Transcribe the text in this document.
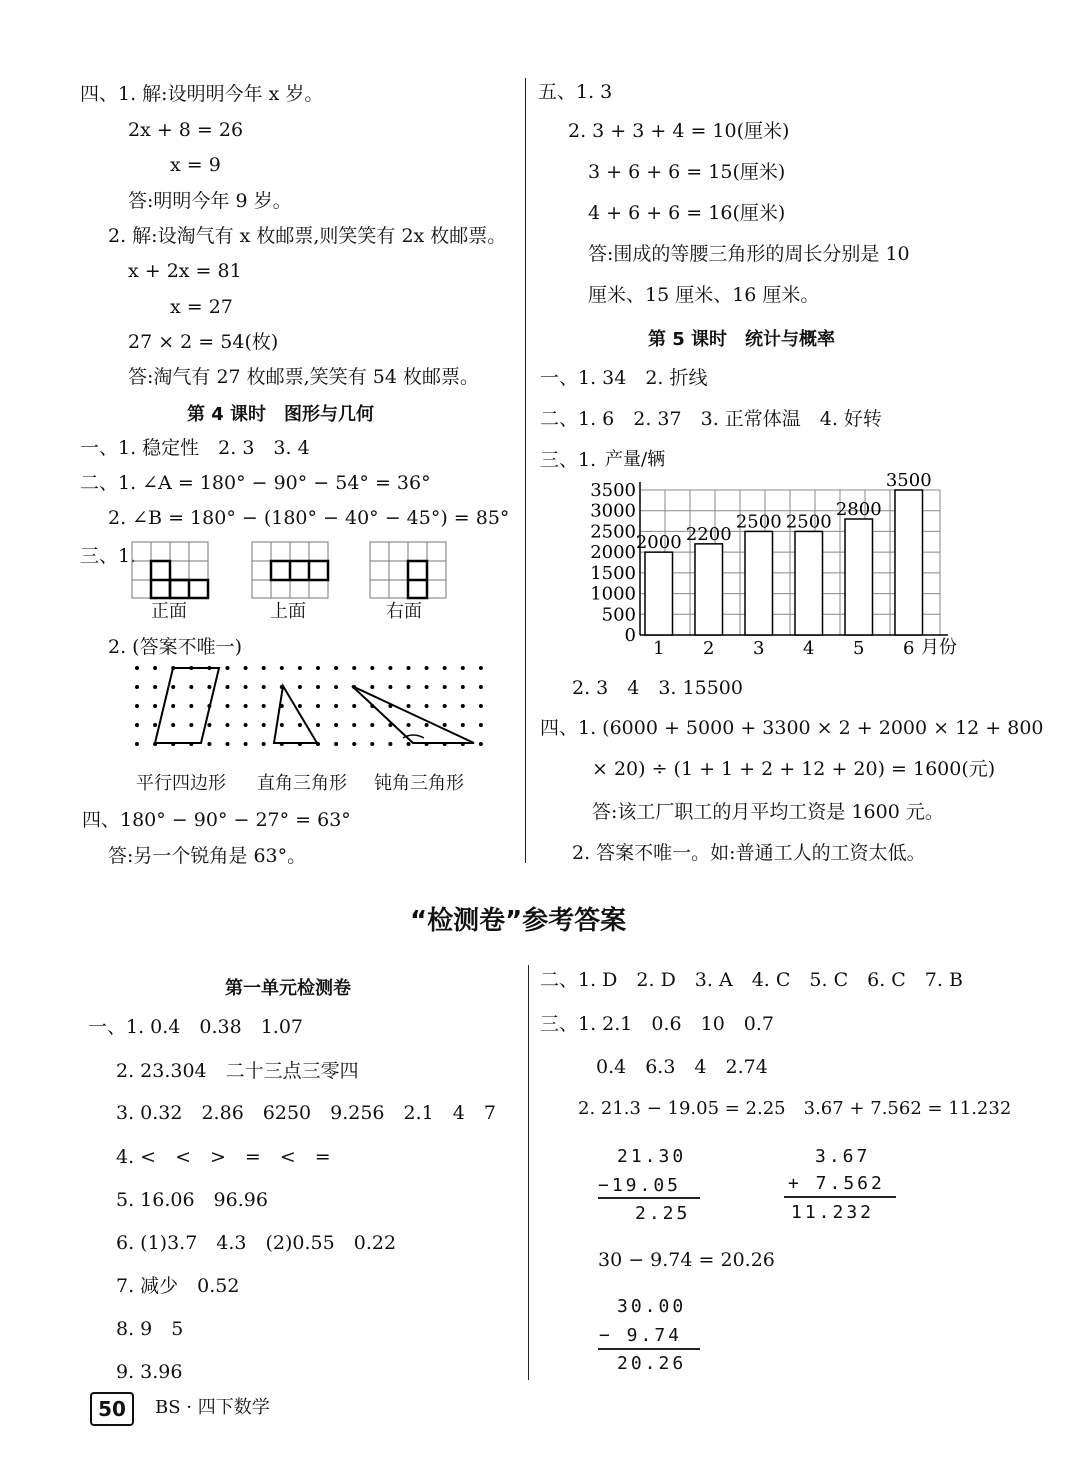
四、1. 解:设明明今年 x 岁。
2x + 8 = 26
x = 9
答:明明今年 9 岁。
2. 解:设淘气有 x 枚邮票,则笑笑有 2x 枚邮票。
x + 2x = 81
x = 27
27 × 2 = 54(枚)
答:淘气有 27 枚邮票,笑笑有 54 枚邮票。
第 4 课时　图形与几何
一、1. 稳定性　2. 3　3. 4
二、1. ∠A = 180° − 90° − 54° = 36°
2. ∠B = 180° − (180° − 40° − 45°) = 85°
三、1.
正面	上面	右面
2. (答案不唯一)
平行四边形 直角三角形 钝角三角形
四、180° − 90° − 27° = 63°
答:另一个锐角是 63°。
五、1. 3
2. 3 + 3 + 4 = 10(厘米)
3 + 6 + 6 = 15(厘米)
4 + 6 + 6 = 16(厘米)
答:围成的等腰三角形的周长分别是 10
厘米、15 厘米、16 厘米。
第 5 课时　统计与概率
一、1. 34　2. 折线
二、1. 6　2. 37　3. 正常体温　4. 好转
三、1. 产量/辆
月份
0
500
1000
1500
2000
2500
3000
3500
2000
1
2200
2
2500
3
2500
4
2800
5
3500
6
2. 3　4　3. 15500
四、1. (6000 + 5000 + 3300 × 2 + 2000 × 12 + 800
× 20) ÷ (1 + 1 + 2 + 12 + 20) = 1600(元)
答:该工厂职工的月平均工资是 1600 元。
2. 答案不唯一。如:普通工人的工资太低。
“检测卷”参考答案
第一单元检测卷
一、1. 0.4　0.38　1.07
2. 23.304　二十三点三零四
3. 0.32　2.86　6250　9.256　2.1　4　7
4. <　<　>　=　<　=
5. 16.06　96.96
6. (1)3.7　4.3　(2)0.55　0.22
7. 减少　0.52
8. 9　5
9. 3.96
二、1. D　2. D　3. A　4. C　5. C　6. C　7. B
三、1. 2.1　0.6　10　0.7
0.4　6.3　4　2.74
2. 21.3 − 19.05 = 2.25　3.67 + 7.562 = 11.232
21.30
−19.05
2.25
3.67
+ 7.562
11.232
30 − 9.74 = 20.26
30.00
− 9.74
20.26
50	BS · 四下数学
